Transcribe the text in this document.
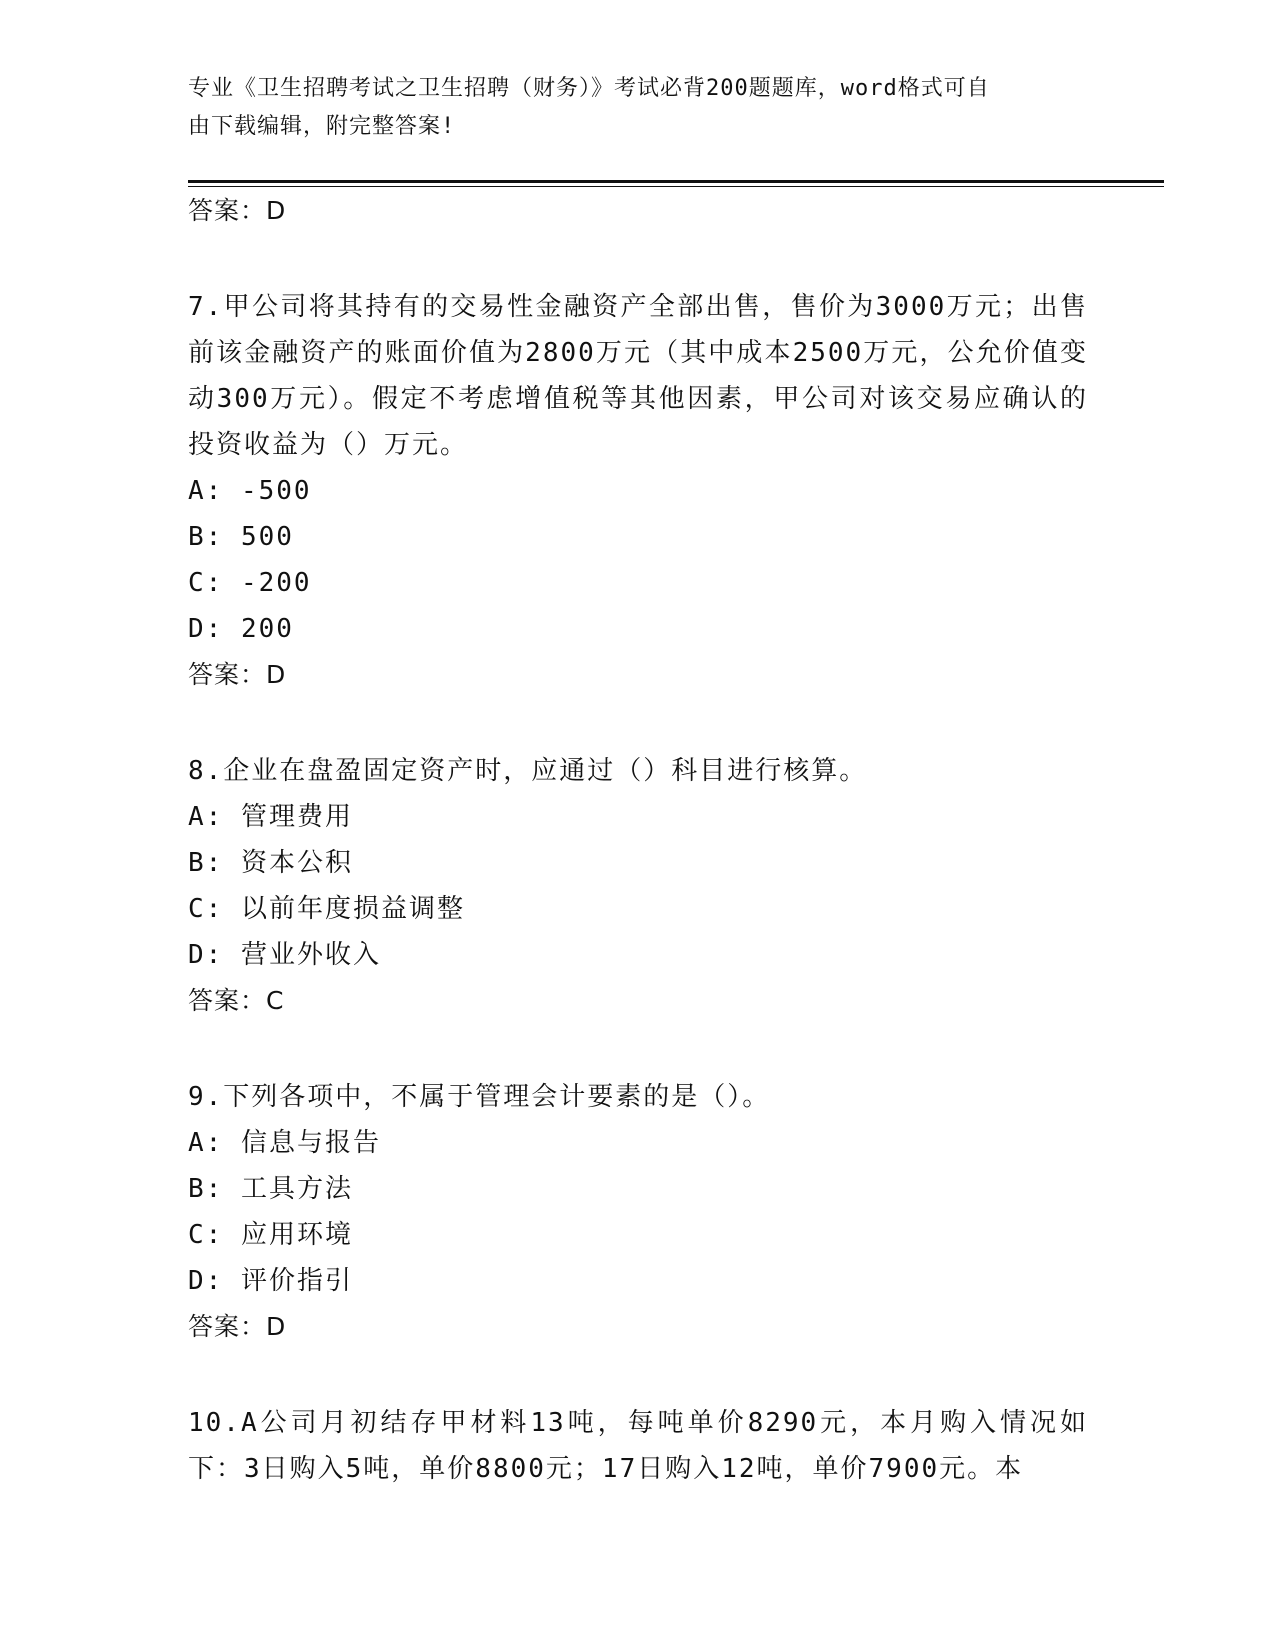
专业《卫生招聘考试之卫生招聘（财务）》考试必背200题题库，word格式可自
由下载编辑，附完整答案!
答案：D
7.甲公司将其持有的交易性金融资产全部出售，售价为3000万元；出售前该金融资产的账面价值为2800万元（其中成本2500万元，公允价值变动300万元）。假定不考虑增值税等其他因素，甲公司对该交易应确认的投资收益为（）万元。
A: -500
B: 500
C: -200
D: 200
答案：D
8.企业在盘盈固定资产时，应通过（）科目进行核算。
A: 管理费用
B: 资本公积
C: 以前年度损益调整
D: 营业外收入
答案：C
9.下列各项中，不属于管理会计要素的是（）。
A: 信息与报告
B: 工具方法
C: 应用环境
D: 评价指引
答案：D
10.A公司月初结存甲材料13吨，每吨单价8290元，本月购入情况如下：3日购入5吨，单价8800元；17日购入12吨，单价7900元。本
